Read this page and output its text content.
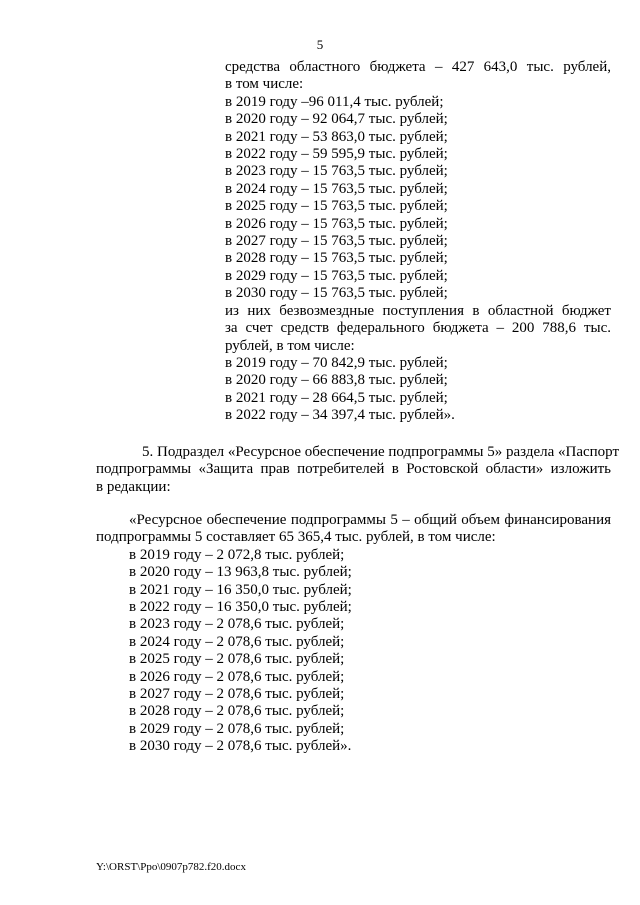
5
средства областного бюджета – 427 643,0 тыс. рублей,
в том числе:
в 2019 году –96 011,4 тыс. рублей;
в 2020 году – 92 064,7 тыс. рублей;
в 2021 году – 53 863,0 тыс. рублей;
в 2022 году – 59 595,9 тыс. рублей;
в 2023 году – 15 763,5 тыс. рублей;
в 2024 году – 15 763,5 тыс. рублей;
в 2025 году – 15 763,5 тыс. рублей;
в 2026 году – 15 763,5 тыс. рублей;
в 2027 году – 15 763,5 тыс. рублей;
в 2028 году – 15 763,5 тыс. рублей;
в 2029 году – 15 763,5 тыс. рублей;
в 2030 году – 15 763,5 тыс. рублей;
из них безвозмездные поступления в областной бюджет
за счет средств федерального бюджета – 200 788,6 тыс.
рублей, в том числе:
в 2019 году – 70 842,9 тыс. рублей;
в 2020 году – 66 883,8 тыс. рублей;
в 2021 году – 28 664,5 тыс. рублей;
в 2022 году – 34 397,4 тыс. рублей».
5. Подраздел «Ресурсное обеспечение подпрограммы 5» раздела «Паспорт
подпрограммы «Защита прав потребителей в Ростовской области» изложить
в редакции:
«Ресурсное обеспечение подпрограммы 5 – общий объем финансирования
подпрограммы 5 составляет 65 365,4 тыс. рублей, в том числе:
в 2019 году – 2 072,8 тыс. рублей;
в 2020 году – 13 963,8 тыс. рублей;
в 2021 году – 16 350,0 тыс. рублей;
в 2022 году – 16 350,0 тыс. рублей;
в 2023 году – 2 078,6 тыс. рублей;
в 2024 году – 2 078,6 тыс. рублей;
в 2025 году – 2 078,6 тыс. рублей;
в 2026 году – 2 078,6 тыс. рублей;
в 2027 году – 2 078,6 тыс. рублей;
в 2028 году – 2 078,6 тыс. рублей;
в 2029 году – 2 078,6 тыс. рублей;
в 2030 году – 2 078,6 тыс. рублей».
Y:\ORST\Ppo\0907p782.f20.docx
